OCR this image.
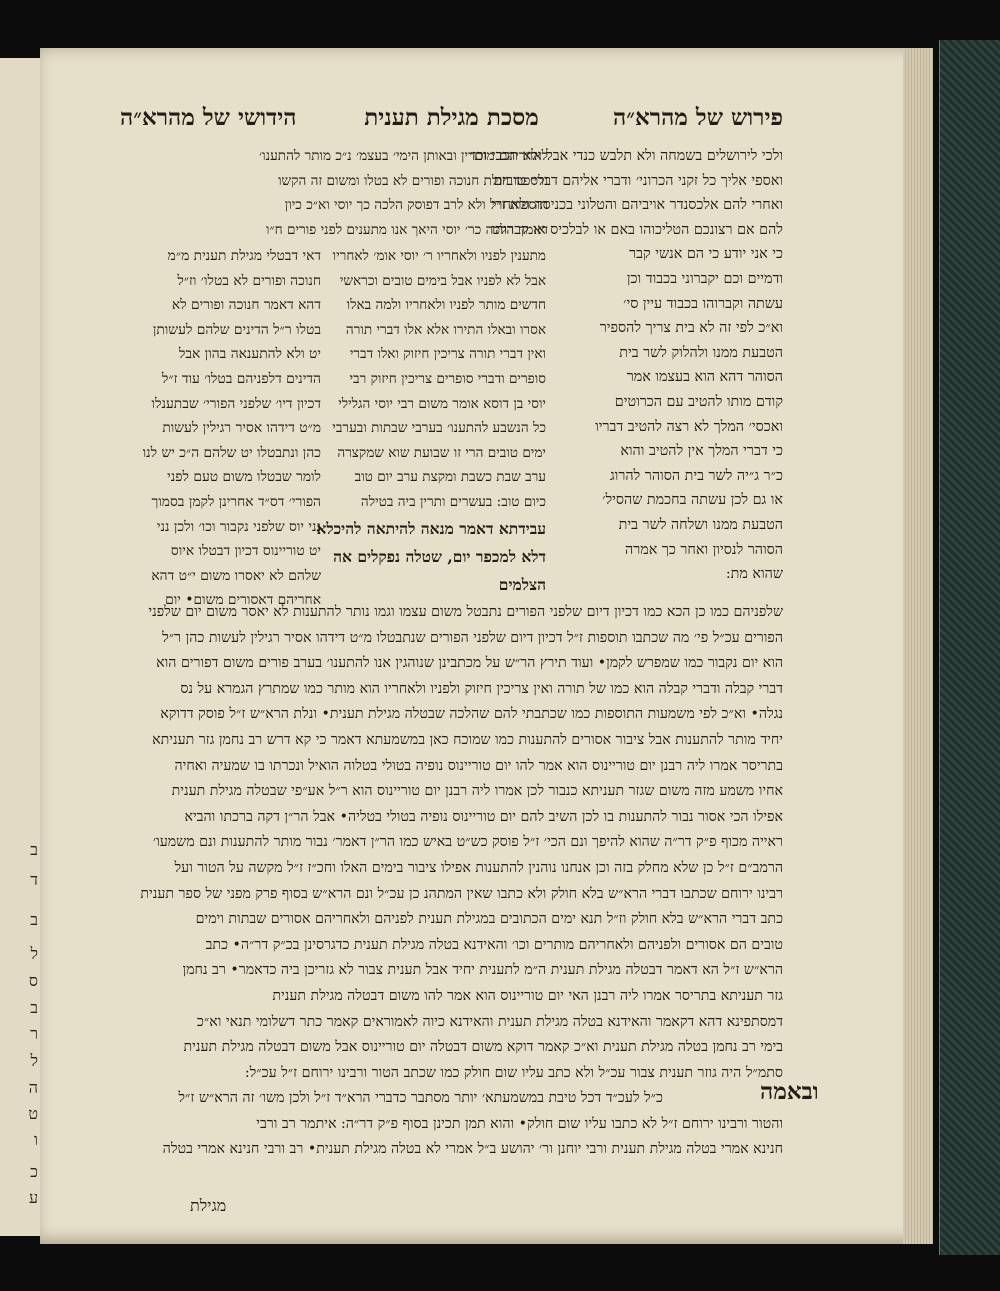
ב
ד
ב
ל
ס
ב
ר
ל
ה
ט
ו
כ
ע
פירוש של מהרא״ה
מסכת מגילת תענית
הידושי של מהרא״ה
ולכי לירושלים בשמחה ולא תלבש כנדי אבל ולא תכבי וכו׳
ואספי אליך כל זקני הכרוני׳ ודברי אליהם דברי׳ טובים
ואחרי להם אלכסנדר אויביהם והטלוני בכניסה ולאחרי
להם אם רצונכם הטליכוהו באם או לבלכיס או קברוהו
כי אני יודע כי הם אנשי קבר
ודמיים וכם יקברוני בכבוד וכן
עשתה וקברוהו בכבוד עיין סי׳
וא״כ לפי זה לא בית צריך להספיר
הטבעת ממנו ולהלוק לשר בית
הסוהר דהא הוא בעצמו אמר
קודם מותו להטיב עם הכרוטים
ואכסי׳ המלך לא רצה להטיב דבריו
כי דברי המלך אין להטיב והוא
כ״ר ג״יה לשר בית הסוהר להרוג
או גם לכן עשתה בחכמת שהסיל׳
הטבעת ממנו ושלחה לשר בית
הסוהר לנסיון ואחר כך אמרה
שהוא מת:
לאחריהם מותרין ובאותן הימי׳ בעצמ׳ נ״כ מותר להתענו׳
ולספוד וזולת חנוכה ופורים לא בטלו ומשום זה הקשו
תוספות ז״ל ולא לרב דפוסק הלכה כך יוסי וא״כ כיון
דאמר הלכה כר׳ יוסי היאך אנו מתענים לפני פורים ח״ו
מתענין לפניו ולאחריו ר׳ יוסי אומ׳ לאחריו
אבל לא לפניו אבל בימים טובים וכראשי
חדשים מותר לפניו ולאחריו ולמה באלו
אסרו ובאלו התירו אלא אלו דברי תורה
ואין דברי תורה צריכין חיזוק ואלו דברי
סופרים ודברי סופרים צריכין חיזוק רבי
יוסי בן דוסא אומר משום רבי יוסי הגלילי
כל הנשבע להתענו׳ בערבי שבתות ובערבי
ימים טובים הרי זו שבועת שוא שמקצרה
ערב שבת כשבת ומקצת ערב יום טוב
כיום טוב: בעשרים ותרין ביה בטילה
עבידתא דאמר מנאה להיתאה להיכלא
דלא למכפר יום, שטלה נפקלים אה
הצלמים
דאי דבטלי מגילת תענית מ״מ
חנוכה ופורים לא בטלו׳ וז״ל
דהא דאמר חנוכה ופורים לא
בטלו ר״ל הדינים שלהם לעשותן
יט ולא להתענאה בהון אבל
הדינים דלפניהם בטלו׳ עוד ז״ל
דכיון דיו׳ שלפני הפורי׳ שבתענלו
מ״ט דידהו אסיר רגילין לעשות
כהן ונתבטלו יט שלהם ה״כ יש לנו
לומר שבטלו משום טעם לפני
הפורי׳ דס״ד אחרינן לקמן בסמוך
נני יוס שלפני נקבור וכו׳ ולכן נני
יט טוריינוס דכיון דבטלו איוס
שלהם לא יאסרו משום י״ט דהא
אחריהם דאסורים משום• יום
שלפניהם כמו כן הכא כמו דכיון דיום שלפני הפורים נתבטל משום עצמו וגמו נותר להתענות לא יאסר משום יום שלפני
הפורים עכ״ל פי׳ מה שכתבו תוספות ז״ל דכיון דיום שלפני הפורים שנתבטלו מ״ט דידהו אסיר רגילין לעשות כהן ר״ל
הוא יום נקבור כמו שמפרש לקמן• ועוד תירץ הר״ש על מכתבינן שנוהגין אנו להתענו׳ בערב פורים משום דפורים הוא
דברי קבלה ודברי קבלה הוא כמו של תורה ואין צריכין חיזוק ולפניו ולאחריו הוא מותר כמו שמתרץ הגמרא על נס
נגלה• וא״כ לפי משמעות התוספות כמו שכתבתי להם שהלכה שבטלה מגילת תענית• ונלת הרא״ש ז״ל פוסק דדוקא
יחיד מותר להתענות אבל ציבור אסורים להתענות כמו שמוכח כאן במשמעתא דאמר כי קא דרש רב נחמן גזר תעניתא
בתריסר אמרו ליה רבנן יום טוריינוס הוא אמר להו יום טוריינוס נופיה בטולי בטלוה הואיל ונכרתו בו שמעיה ואחיה
אחיו משמע מזה משום שגזר תעניתא כנבור לכן אמרו ליה רבנן יום טוריינוס הוא ר״ל אע״פי שבטלה מגילת תענית
אפילו הכי אסור נבור להתענות בו לכן השיב להם יום טוריינוס נופיה בטולי בטליה• אבל הר״ן דקה ברכתו והביא
ראייה מכוף פ״ק דר״ה שהוא להיפך ונם הכי׳ ז״ל פוסק כש״ט באיש כמו הר״ן דאמר׳ נבור מותר להתענות ונם משמעו׳
הרמב״ם ז״ל כן שלא מחלק בזה וכן אנחנו נוהנין להתענות אפילו ציבור בימים האלו וחכ״ז ז״ל מקשה על הטור ועל
רבינו ירוחם שכתבו דברי הרא״ש בלא חולק ולא כתבו שאין המתהנ כן עכ״ל ונם הרא״ש בסוף פרק מפני של ספר תענית
כתב דברי הרא״ש בלא חולק וז״ל תנא ימים הכתובים במגילת תענית לפניהם ולאחריהם אסורים שבתות וימים
טובים הם אסורים ולפניהם ולאחריהם מותרים וכו׳ והאידנא בטלה מגילת תענית כדגרסינן בכ״ק דר״ה• כתב
הרא״ש ז״ל הא דאמר דבטלה מגילת תענית ה״מ לתענית יחיד אבל תענית צבור לא גזריכן ביה כדאמר• רב נחמן
גזר תעניתא בתריסר אמרו ליה רבנן האי יום טוריינוס הוא אמר להו משום דבטלה מגילת תענית
דמסתפינא דהא דקאמר והאידנא בטלה מגילת תענית והאידנא כיוה לאמוראים קאמר כתר דשלומי תנאי וא״כ
בימי רב נחמן בטלה מגילת תענית וא״כ קאמר דוקא משום דבטלה יום טוריינוס אבל משום דבטלה מגילת תענית
סתמ״ל היה גוזר תענית צבור עכ״ל ולא כתב עליו שום חולק כמו שכתב הטור ורבינו ירוחם ז״ל עכ״ל:
כ״ל לעכ״ד דכל טיבת במשמעתא׳ יותר מסתבר כדברי הרא״ד ז״ל ולכן משו׳ זה הרא״ש ז״ל
והטור ורבינו ירוחם ז״ל לא כתבו עליו שום חולק• והוא תמן תכינן בסוף פ״ק דר״ה: איתמר רב ורבי
חנינא אמרי בטלה מגילת תענית ורבי יוחנן ור׳ יהושע ב״ל אמרי לא בטלה מגילת תענית• רב ורבי חנינא אמרי בטלה
ובאמה
מגילת
